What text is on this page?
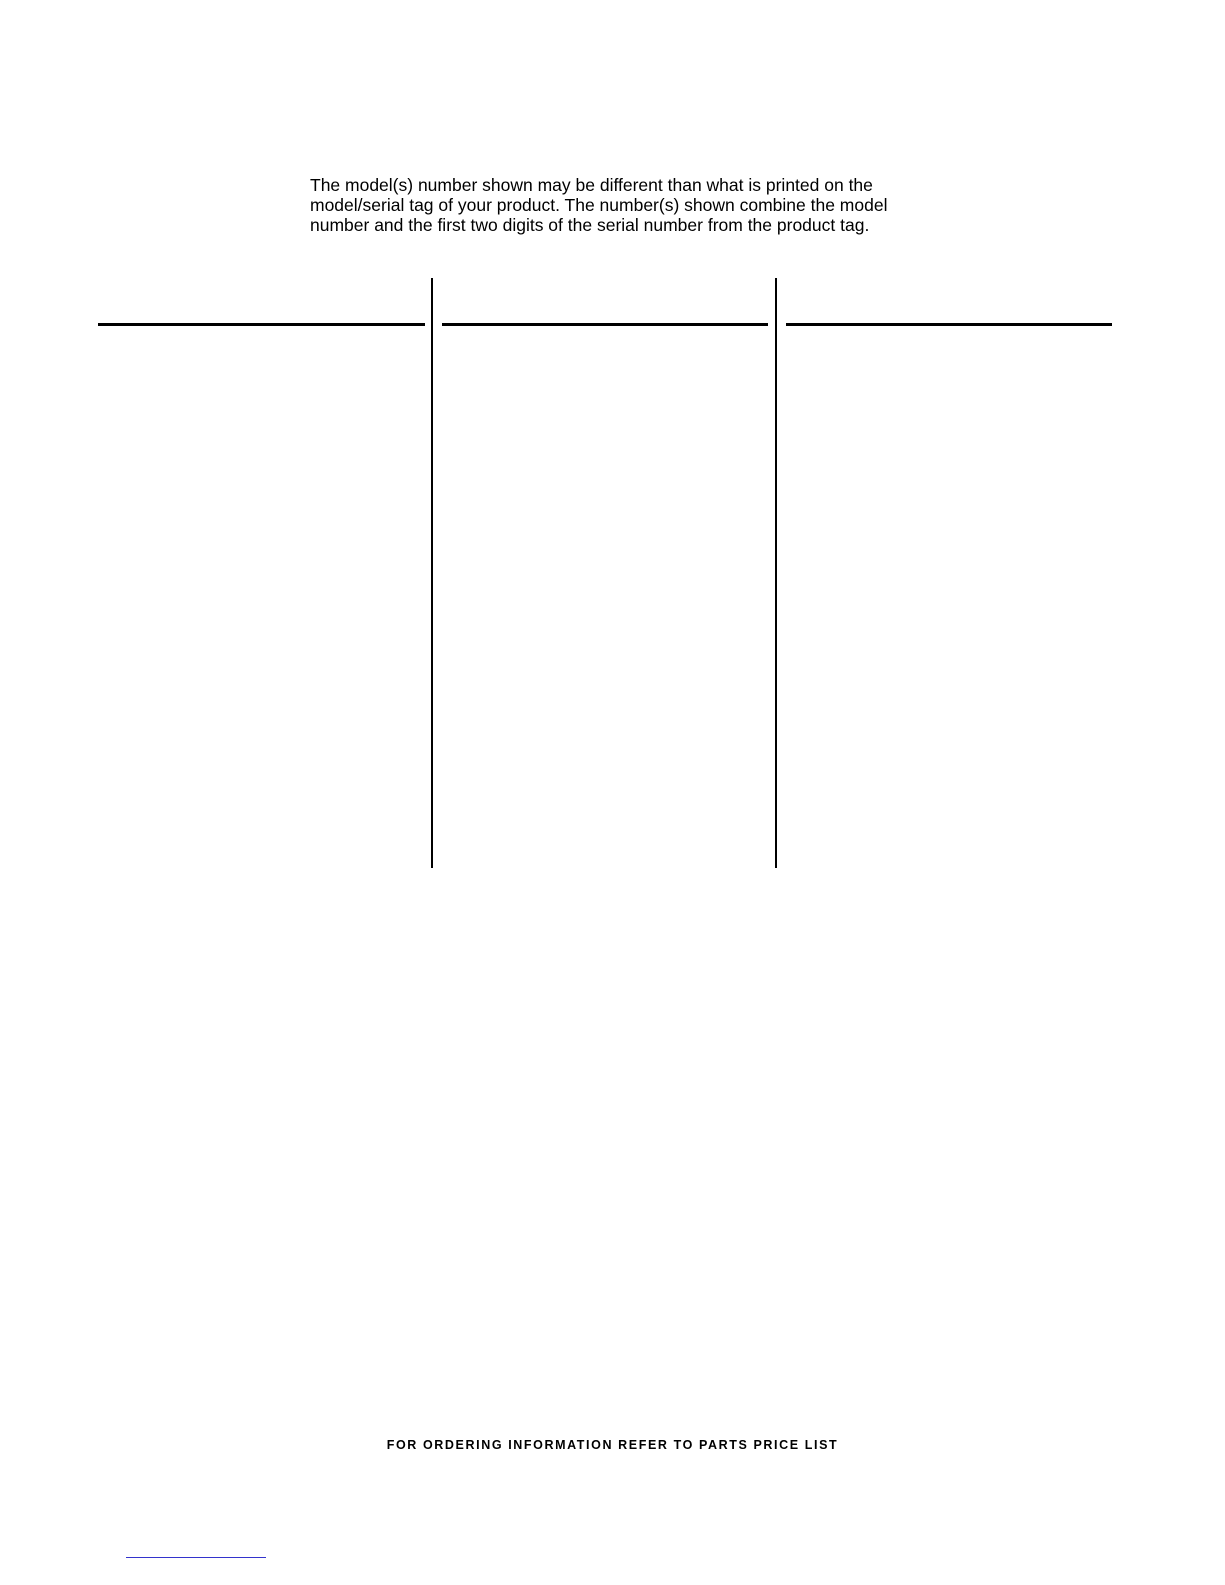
The model(s) number shown may be different than what is printed on the
model/serial tag of your product. The number(s) shown combine the model
number and the first two digits of the serial number from the product tag.
FOR ORDERING INFORMATION REFER TO PARTS PRICE LIST
